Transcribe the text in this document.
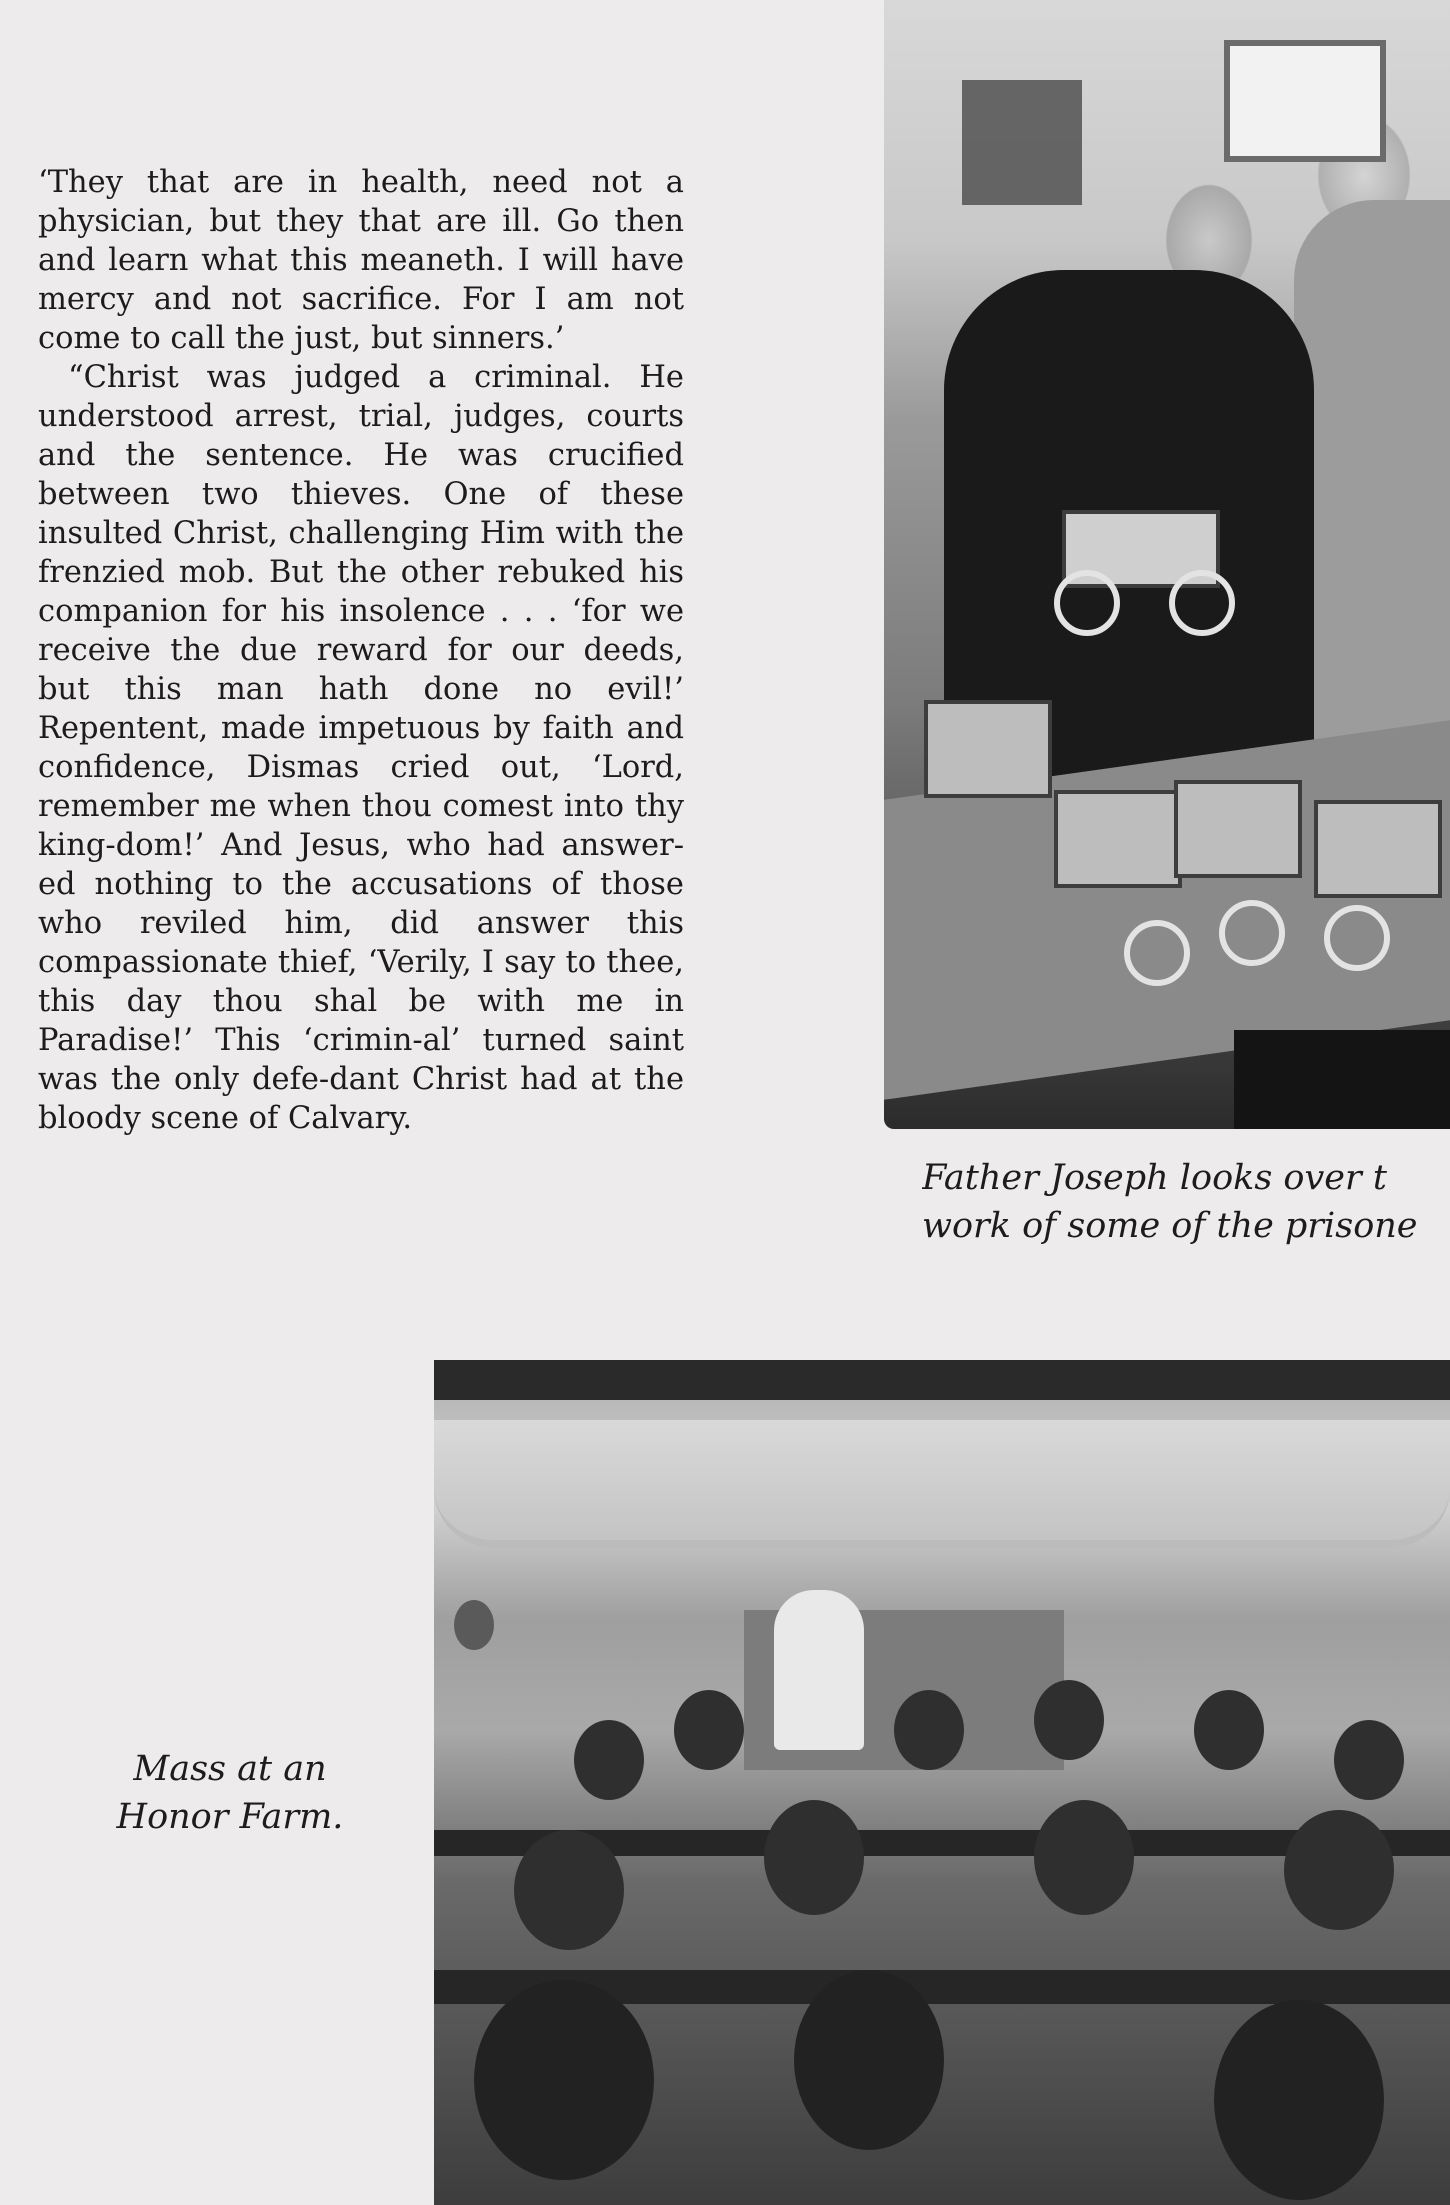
‘They that are in health, need not a physician, but they that are ill. Go then and learn what this meaneth. I will have mercy and not sacrifice. For I am not come to call the just, but sinners.’

“Christ was judged a criminal. He understood arrest, trial, judges, courts and the sentence. He was crucified between two thieves. One of these insulted Christ, challenging Him with the frenzied mob. But the other rebuked his companion for his insolence . . . ‘for we receive the due reward for our deeds, but this man hath done no evil!’ Repentent, made impetuous by faith and confidence, Dismas cried out, ‘Lord, remember me when thou comest into thy king-dom!’ And Jesus, who had answer-ed nothing to the accusations of those who reviled him, did answer this compassionate thief, ‘Verily, I say to thee, this day thou shal be with me in Paradise!’ This ‘crimin-al’ turned saint was the only defe-dant Christ had at the bloody scene of Calvary.

Father Joseph looks over t
work of some of the prisone
Mass at an
Honor Farm.
